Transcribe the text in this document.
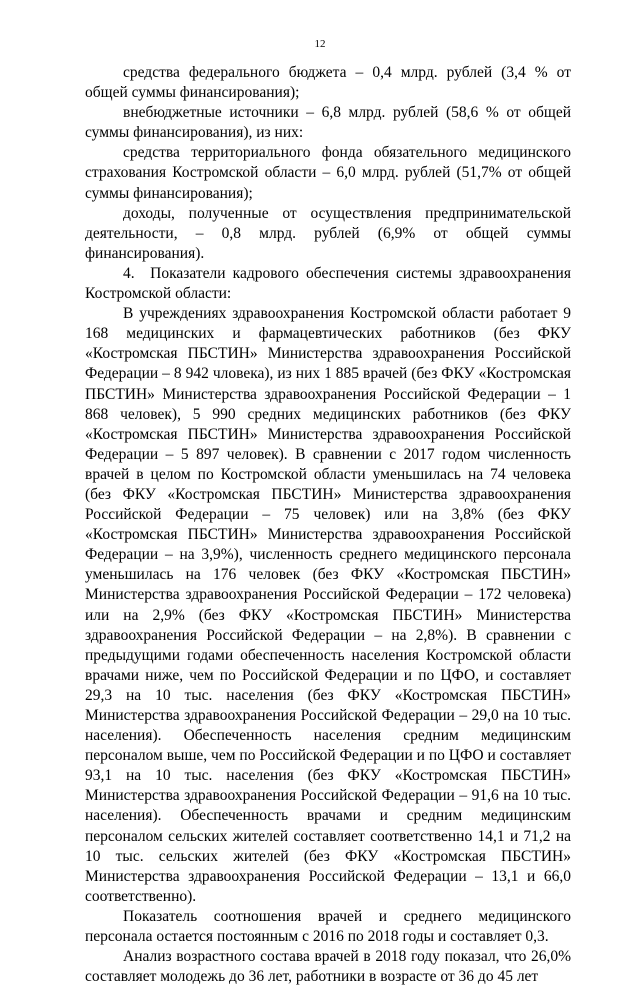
12

средства федерального бюджета – 0,4 млрд. рублей (3,4 % от общей суммы финансирования);

внебюджетные источники – 6,8 млрд. рублей (58,6 % от общей суммы финансирования), из них:

средства территориального фонда обязательного медицинского страхования Костромской области – 6,0 млрд. рублей (51,7% от общей суммы финансирования);

доходы, полученные от осуществления предпринимательской деятельности, – 0,8 млрд. рублей (6,9% от общей суммы финансирования).

4. Показатели кадрового обеспечения системы здравоохранения Костромской области:

В учреждениях здравоохранения Костромской области работает 9 168 медицинских и фармацевтических работников (без ФКУ «Костромская ПБСТИН» Министерства здравоохранения Российской Федерации – 8 942 чловека), из них 1 885 врачей (без ФКУ «Костромская ПБСТИН» Министерства здравоохранения Российской Федерации – 1 868 человек), 5 990 средних медицинских работников (без ФКУ «Костромская ПБСТИН» Министерства здравоохранения Российской Федерации – 5 897 человек). В сравнении с 2017 годом численность врачей в целом по Костромской области уменьшилась на 74 человека (без ФКУ «Костромская ПБСТИН» Министерства здравоохранения Российской Федерации – 75 человек) или на 3,8% (без ФКУ «Костромская ПБСТИН» Министерства здравоохранения Российской Федерации – на 3,9%), численность среднего медицинского персонала уменьшилась на 176 человек (без ФКУ «Костромская ПБСТИН» Министерства здравоохранения Российской Федерации – 172 человека) или на 2,9% (без ФКУ «Костромская ПБСТИН» Министерства здравоохранения Российской Федерации – на 2,8%). В сравнении с предыдущими годами обеспеченность населения Костромской области врачами ниже, чем по Российской Федерации и по ЦФО, и составляет 29,3 на 10 тыс. населения (без ФКУ «Костромская ПБСТИН» Министерства здравоохранения Российской Федерации – 29,0 на 10 тыс. населения). Обеспеченность населения средним медицинским персоналом выше, чем по Российской Федерации и по ЦФО и составляет 93,1 на 10 тыс. населения (без ФКУ «Костромская ПБСТИН» Министерства здравоохранения Российской Федерации – 91,6 на 10 тыс. населения). Обеспеченность врачами и средним медицинским персоналом сельских жителей составляет соответственно 14,1 и 71,2 на 10 тыс. сельских жителей (без ФКУ «Костромская ПБСТИН» Министерства здравоохранения Российской Федерации – 13,1 и 66,0 соответственно).

Показатель соотношения врачей и среднего медицинского персонала остается постоянным с 2016 по 2018 годы и составляет 0,3.

Анализ возрастного состава врачей в 2018 году показал, что 26,0% составляет молодежь до 36 лет, работники в возрасте от 36 до 45 лет
